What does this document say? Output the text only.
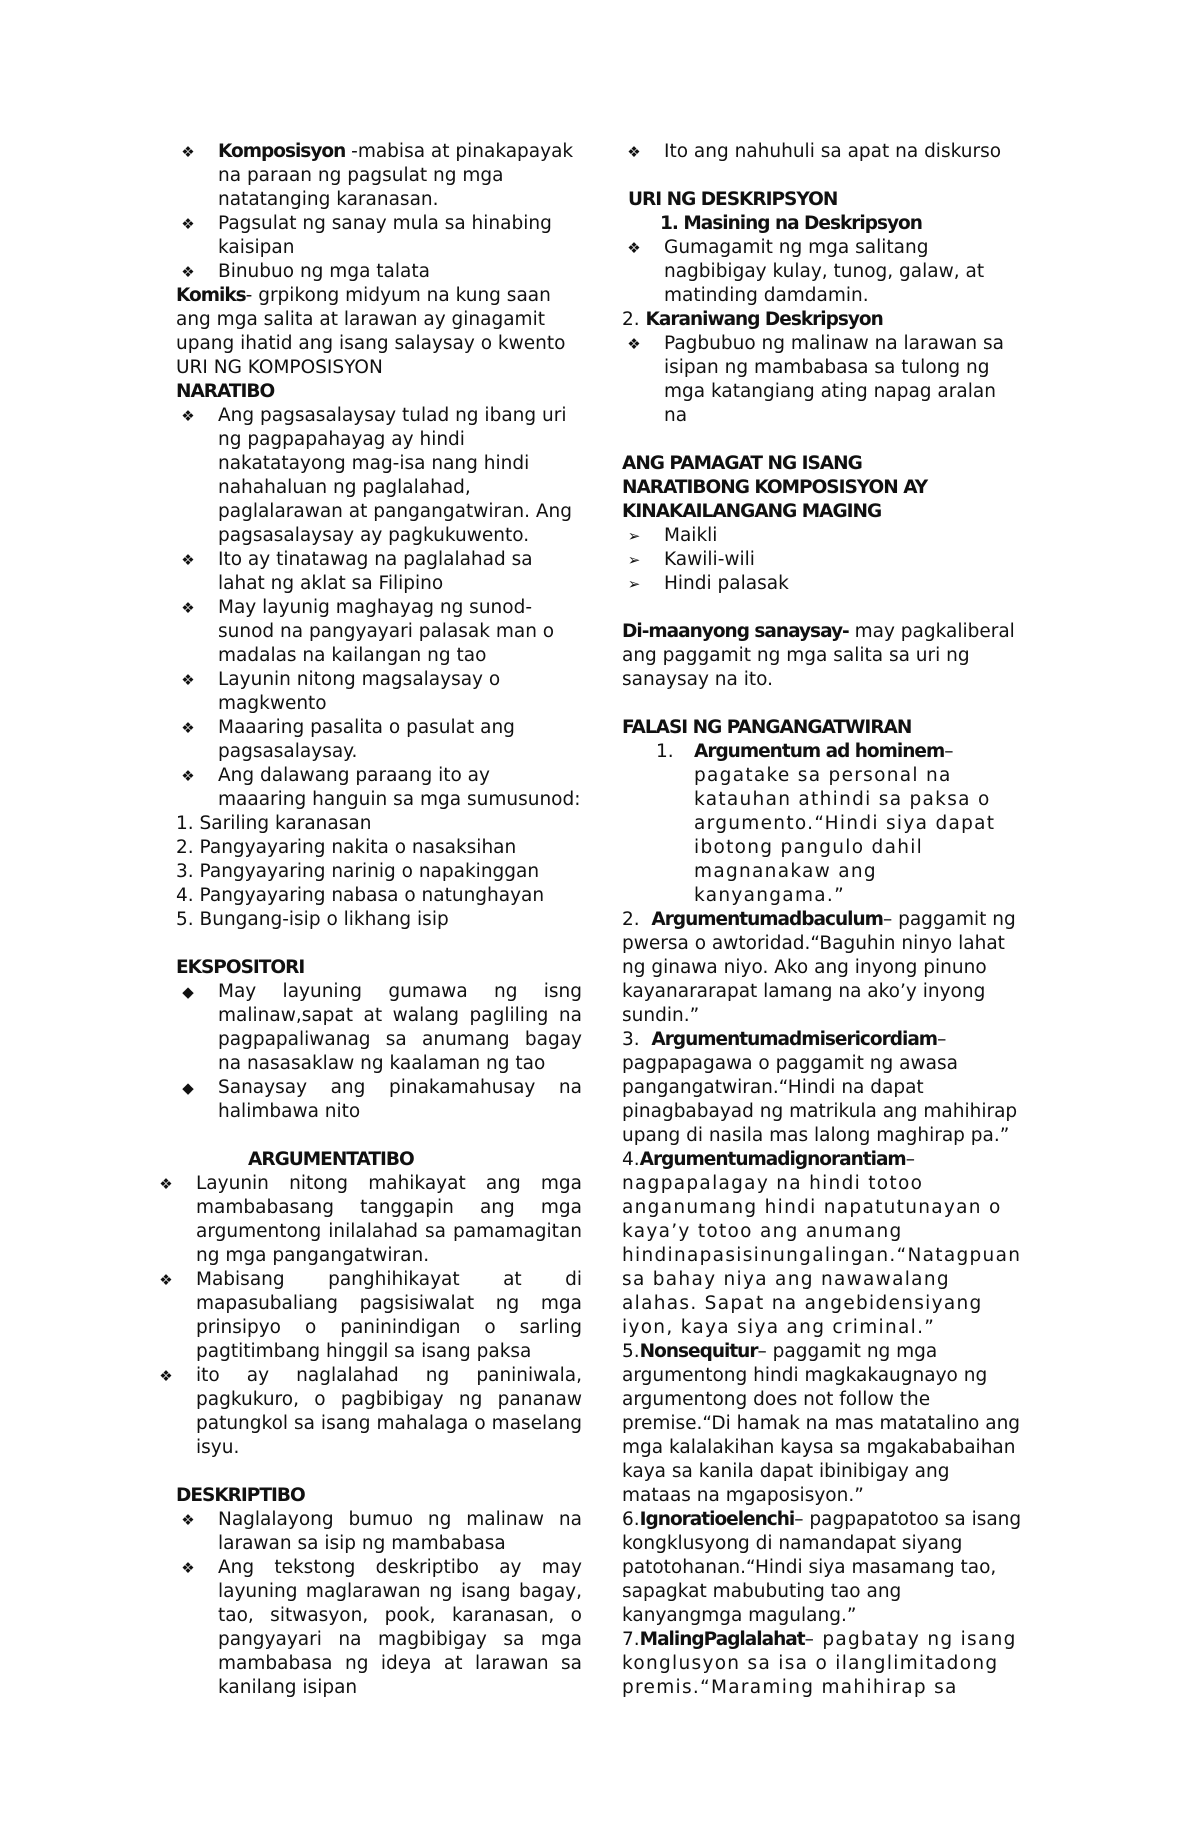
❖ Komposisyon -mabisa at pinakapayak na paraan ng pagsulat ng mga natatanging karanasan.
❖ Pagsulat ng sanay mula sa hinabing kaisipan
❖ Binubuo ng mga talata
Komiks- grpikong midyum na kung saan ang mga salita at larawan ay ginagamit upang ihatid ang isang salaysay o kwento
URI NG KOMPOSISYON
NARATIBO
❖ Ang pagsasalaysay tulad ng ibang uri ng pagpapahayag ay hindi nakatatayong mag-isa nang hindi nahahaluan ng paglalahad, paglalarawan at pangangatwiran. Ang pagsasalaysay ay pagkukuwento.
❖ Ito ay tinatawag na paglalahad sa lahat ng aklat sa Filipino
❖ May layunig maghayag ng sunod-sunod na pangyayari palasak man o madalas na kailangan ng tao
❖ Layunin nitong magsalaysay o magkwento
❖ Maaaring pasalita o pasulat ang pagsasalaysay.
❖ Ang dalawang paraang ito ay maaaring hanguin sa mga sumusunod:
1. Sariling karanasan
2. Pangyayaring nakita o nasaksihan
3. Pangyayaring narinig o napakinggan
4. Pangyayaring nabasa o natunghayan
5. Bungang-isip o likhang isip
EKSPOSITORI
◆	May layuning gumawa ng isng malinaw,sapat at walang pagliling na pagpapaliwanag sa anumang bagay na nasasaklaw ng kaalaman ng tao
◆	Sanaysay ang pinakamahusay na halimbawa nito
ARGUMENTATIBO
❖ Layunin nitong mahikayat ang mga mambabasang tanggapin ang mga argumentong inilalahad sa pamamagitan ng mga pangangatwiran.
❖ Mabisang panghihikayat at di mapasubaliang pagsisiwalat ng mga prinsipyo o paninindigan o sarling pagtitimbang hinggil sa isang paksa
❖ ito ay naglalahad ng paniniwala, pagkukuro, o pagbibigay ng pananaw patungkol sa isang mahalaga o maselang isyu.
DESKRIPTIBO
❖ Naglalayong bumuo ng malinaw na larawan sa isip ng mambabasa
❖ Ang tekstong deskriptibo ay may layuning maglarawan ng isang bagay, tao, sitwasyon, pook, karanasan, o pangyayari na magbibigay sa mga mambabasa ng ideya at larawan sa kanilang isipan
❖ Ito ang nahuhuli sa apat na diskurso
URI NG DESKRIPSYON
1. Masining na Deskripsyon
❖ Gumagamit ng mga salitang nagbibigay kulay, tunog, galaw, at matinding damdamin.
2. Karaniwang Deskripsyon
❖ Pagbubuo ng malinaw na larawan sa isipan ng mambabasa sa tulong ng mga katangiang ating napag aralan na
ANG PAMAGAT NG ISANG NARATIBONG KOMPOSISYON AY KINAKAILANGANG MAGING
➢	Maikli
➢	Kawili-wili
➢	Hindi palasak
Di-maanyong sanaysay- may pagkaliberal ang paggamit ng mga salita sa uri ng sanaysay na ito.
FALASI NG PANGANGATWIRAN
1. Argumentum ad hominem– pagatake sa personal na katauhan athindi sa paksa o argumento.“Hindi siya dapat ibotong pangulo dahil magnanakaw ang kanyangama.”
2. Argumentumadbaculum– paggamit ng pwersa o awtoridad.“Baguhin ninyo lahat ng ginawa niyo. Ako ang inyong pinuno kayanararapat lamang na ako’y inyong sundin.”
3. Argumentumadmisericordiam– pagpapagawa o paggamit ng awasa pangangatwiran.“Hindi na dapat pinagbabayad ng matrikula ang mahihirap upang di nasila mas lalong maghirap pa.”
4.Argumentumadignorantiam– nagpapalagay na hindi totoo anganumang hindi napatutunayan o kaya’y totoo ang anumang hindinapasisinungalingan.“Natagpuan sa bahay niya ang nawawalang alahas. Sapat na angebidensiyang iyon, kaya siya ang criminal.”
5.Nonsequitur– paggamit ng mga argumentong hindi magkakaugnayo ng argumentong does not follow the premise.“Di hamak na mas matatalino ang mga kalalakihan kaysa sa mgakababaihan kaya sa kanila dapat ibinibigay ang mataas na mgaposisyon.”
6.Ignoratioelenchi– pagpapatotoo sa isang kongklusyong di namandapat siyang patotohanan.“Hindi siya masamang tao, sapagkat mabubuting tao ang kanyangmga magulang.”
7.MalingPaglalahat– pagbatay ng isang konglusyon sa isa o ilanglimitadong premis.“Maraming mahihirap sa
